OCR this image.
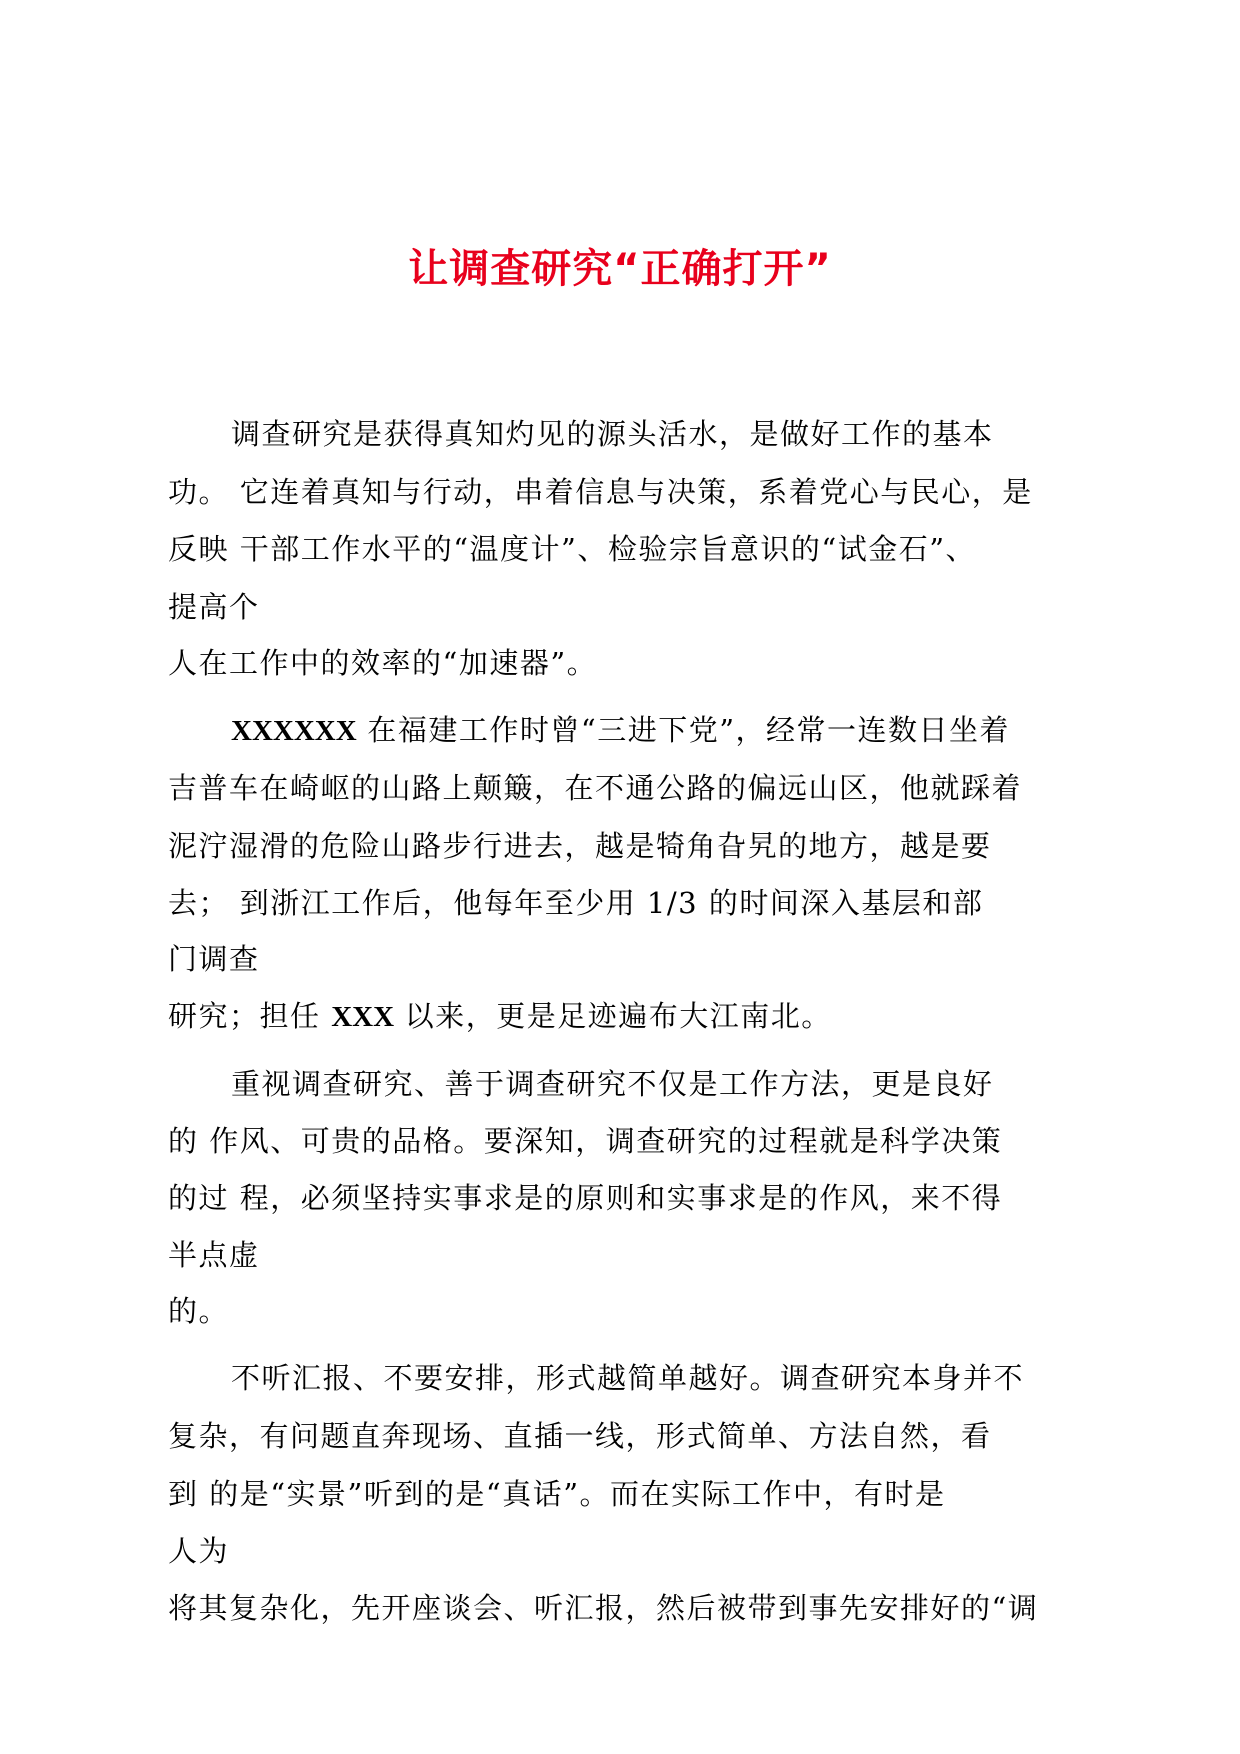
让调查研究“正确打开”
调查研究是获得真知灼见的源头活水，是做好工作的基本
功。 它连着真知与行动，串着信息与决策，系着党心与民心，是
反映 干部工作水平的“温度计”、检验宗旨意识的“试金石”、
提高个
人在工作中的效率的“加速器”。
XXXXXX 在福建工作时曾“三进下党”，经常一连数日坐着
吉普车在崎岖的山路上颠簸，在不通公路的偏远山区，他就踩着
泥泞湿滑的危险山路步行进去，越是犄角旮旯的地方，越是要
去； 到浙江工作后，他每年至少用 1/3 的时间深入基层和部
门调查
研究；担任 XXX 以来，更是足迹遍布大江南北。
重视调查研究、善于调查研究不仅是工作方法，更是良好
的 作风、可贵的品格。要深知，调查研究的过程就是科学决策
的过 程，必须坚持实事求是的原则和实事求是的作风，来不得
半点虚
的。
不听汇报、不要安排，形式越简单越好。调查研究本身并不
复杂，有问题直奔现场、直插一线，形式简单、方法自然，看
到 的是“实景”听到的是“真话”。而在实际工作中，有时是
人为
将其复杂化，先开座谈会、听汇报，然后被带到事先安排好的“调
